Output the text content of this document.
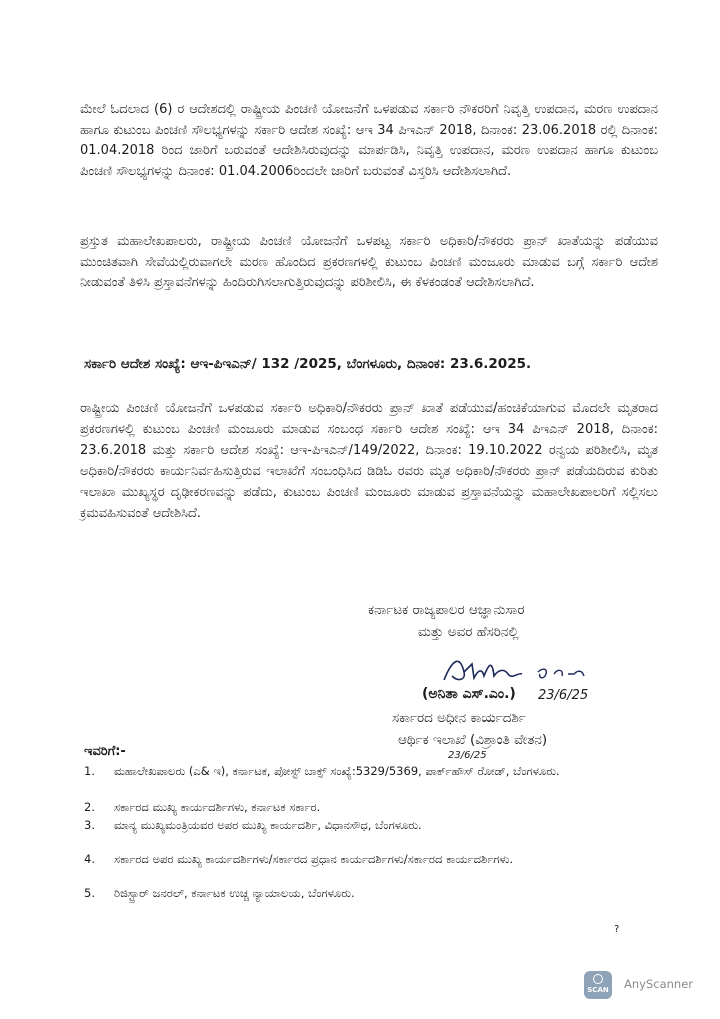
ಮೇಲೆ ಓದಲಾದ (6) ರ ಆದೇಶದಲ್ಲಿ ರಾಷ್ಟ್ರೀಯ ಪಿಂಚಣಿ ಯೋಜನೆಗೆ ಒಳಪಡುವ ಸರ್ಕಾರಿ ನೌಕರರಿಗೆ ನಿವೃತ್ತಿ ಉಪದಾನ, ಮರಣ ಉಪದಾನ ಹಾಗೂ ಕುಟುಂಬ ಪಿಂಚಣಿ ಸೌಲಭ್ಯಗಳನ್ನು ಸರ್ಕಾರಿ ಆದೇಶ ಸಂಖ್ಯೆ: ಆಇ 34 ಪಿಇಎನ್ 2018, ದಿನಾಂಕ: 23.06.2018 ರಲ್ಲಿ ದಿನಾಂಕ: 01.04.2018 ರಿಂದ ಜಾರಿಗೆ ಬರುವಂತೆ ಆದೇಶಿಸಿರುವುದನ್ನು ಮಾರ್ಪಡಿಸಿ, ನಿವೃತ್ತಿ ಉಪದಾನ, ಮರಣ ಉಪದಾನ ಹಾಗೂ ಕುಟುಂಬ ಪಿಂಚಣಿ ಸೌಲಭ್ಯಗಳನ್ನು ದಿನಾಂಕ: 01.04.2006ರಿಂದಲೇ ಜಾರಿಗೆ ಬರುವಂತೆ ವಿಸ್ತರಿಸಿ ಆದೇಶಿಸಲಾಗಿದೆ.

ಪ್ರಸ್ತುತ ಮಹಾಲೇಖಪಾಲರು, ರಾಷ್ಟ್ರೀಯ ಪಿಂಚಣಿ ಯೋಜನೆಗೆ ಒಳಪಟ್ಟ ಸರ್ಕಾರಿ ಅಧಿಕಾರಿ/ನೌಕರರು ಪ್ರಾನ್ ಖಾತೆಯನ್ನು ಪಡೆಯುವ ಮುಂಚಿತವಾಗಿ ಸೇವೆಯಲ್ಲಿರುವಾಗಲೇ ಮರಣ ಹೊಂದಿದ ಪ್ರಕರಣಗಳಲ್ಲಿ ಕುಟುಂಬ ಪಿಂಚಣಿ ಮಂಜೂರು ಮಾಡುವ ಬಗ್ಗೆ ಸರ್ಕಾರಿ ಆದೇಶ ನೀಡುವಂತೆ ತಿಳಿಸಿ ಪ್ರಸ್ತಾವನೆಗಳನ್ನು ಹಿಂದಿರುಗಿಸಲಾಗುತ್ತಿರುವುದನ್ನು ಪರಿಶೀಲಿಸಿ, ಈ ಕೆಳಕಂಡಂತೆ ಆದೇಶಿಸಲಾಗಿದೆ.

ಸರ್ಕಾರಿ ಆದೇಶ ಸಂಖ್ಯೆ: ಆಇ-ಪಿಇಎನ್/ 132 /2025, ಬೆಂಗಳೂರು, ದಿನಾಂಕ: 23.6.2025.

ರಾಷ್ಟ್ರೀಯ ಪಿಂಚಣಿ ಯೋಜನೆಗೆ ಒಳಪಡುವ ಸರ್ಕಾರಿ ಅಧಿಕಾರಿ/ನೌಕರರು ಪ್ರಾನ್ ಖಾತೆ ಪಡೆಯುವ/ಹಂಚಿಕೆಯಾಗುವ ಮೊದಲೇ ಮೃತರಾದ ಪ್ರಕರಣಗಳಲ್ಲಿ ಕುಟುಂಬ ಪಿಂಚಣಿ ಮಂಜೂರು ಮಾಡುವ ಸಂಬಂಧ ಸರ್ಕಾರಿ ಆದೇಶ ಸಂಖ್ಯೆ: ಆಇ 34 ಪಿಇಎನ್ 2018, ದಿನಾಂಕ: 23.6.2018 ಮತ್ತು ಸರ್ಕಾರಿ ಆದೇಶ ಸಂಖ್ಯೆ: ಆಇ-ಪಿಇಎನ್/149/2022, ದಿನಾಂಕ: 19.10.2022 ರನ್ವಯ ಪರಿಶೀಲಿಸಿ, ಮೃತ ಅಧಿಕಾರಿ/ನೌಕರರು ಕಾರ್ಯನಿರ್ವಹಿಸುತ್ತಿರುವ ಇಲಾಖೆಗೆ ಸಂಬಂಧಿಸಿದ ಡಿಡಿಓ ರವರು ಮೃತ ಅಧಿಕಾರಿ/ನೌಕರರು ಪ್ರಾನ್ ಪಡೆಯದಿರುವ ಕುರಿತು ಇಲಾಖಾ ಮುಖ್ಯಸ್ಥರ ದೃಢೀಕರಣವನ್ನು ಪಡೆದು, ಕುಟುಂಬ ಪಿಂಚಣಿ ಮಂಜೂರು ಮಾಡುವ ಪ್ರಸ್ತಾವನೆಯನ್ನು ಮಹಾಲೇಖಪಾಲರಿಗೆ ಸಲ್ಲಿಸಲು ಕ್ರಮವಹಿಸುವಂತೆ ಆದೇಶಿಸಿದೆ.

ಕರ್ನಾಟಕ ರಾಜ್ಯಪಾಲರ ಆಜ್ಞಾನುಸಾರ

ಮತ್ತು ಅವರ ಹೆಸರಿನಲ್ಲಿ

(ಅನಿತಾ ಎಸ್.ಎಂ.) 23/6/25

ಸರ್ಕಾರದ ಅಧೀನ ಕಾರ್ಯದರ್ಶಿ

ಆರ್ಥಿಕ ಇಲಾಖೆ (ವಿಶ್ರಾಂತಿ ವೇತನ)

23/6/25

ಇವರಿಗೆ:-

1.	ಮಹಾಲೇಖಪಾಲರು (ಎ& ಇ), ಕರ್ನಾಟಕ, ಪೋಸ್ಟ್ ಬಾಕ್ಸ್ ಸಂಖ್ಯೆ:5329/5369, ಪಾರ್ಕ್‌ಹೌಸ್ ರೋಡ್, ಬೆಂಗಳೂರು.
2.	ಸರ್ಕಾರದ ಮುಖ್ಯ ಕಾರ್ಯದರ್ಶಿಗಳು, ಕರ್ನಾಟಕ ಸರ್ಕಾರ.
3.	ಮಾನ್ಯ ಮುಖ್ಯಮಂತ್ರಿಯವರ ಅಪರ ಮುಖ್ಯ ಕಾರ್ಯದರ್ಶಿ, ವಿಧಾನಸೌಧ, ಬೆಂಗಳೂರು.
4.	ಸರ್ಕಾರದ ಅಪರ ಮುಖ್ಯ ಕಾರ್ಯದರ್ಶಿಗಳು/ಸರ್ಕಾರದ ಪ್ರಧಾನ ಕಾರ್ಯದರ್ಶಿಗಳು/ಸರ್ಕಾರದ ಕಾರ್ಯದರ್ಶಿಗಳು.
5.	ರಿಜಿಸ್ಟ್ರಾರ್ ಜನರಲ್, ಕರ್ನಾಟಕ ಉಚ್ಚ ನ್ಯಾಯಾಲಯ, ಬೆಂಗಳೂರು.
?
SCAN AnyScanner
